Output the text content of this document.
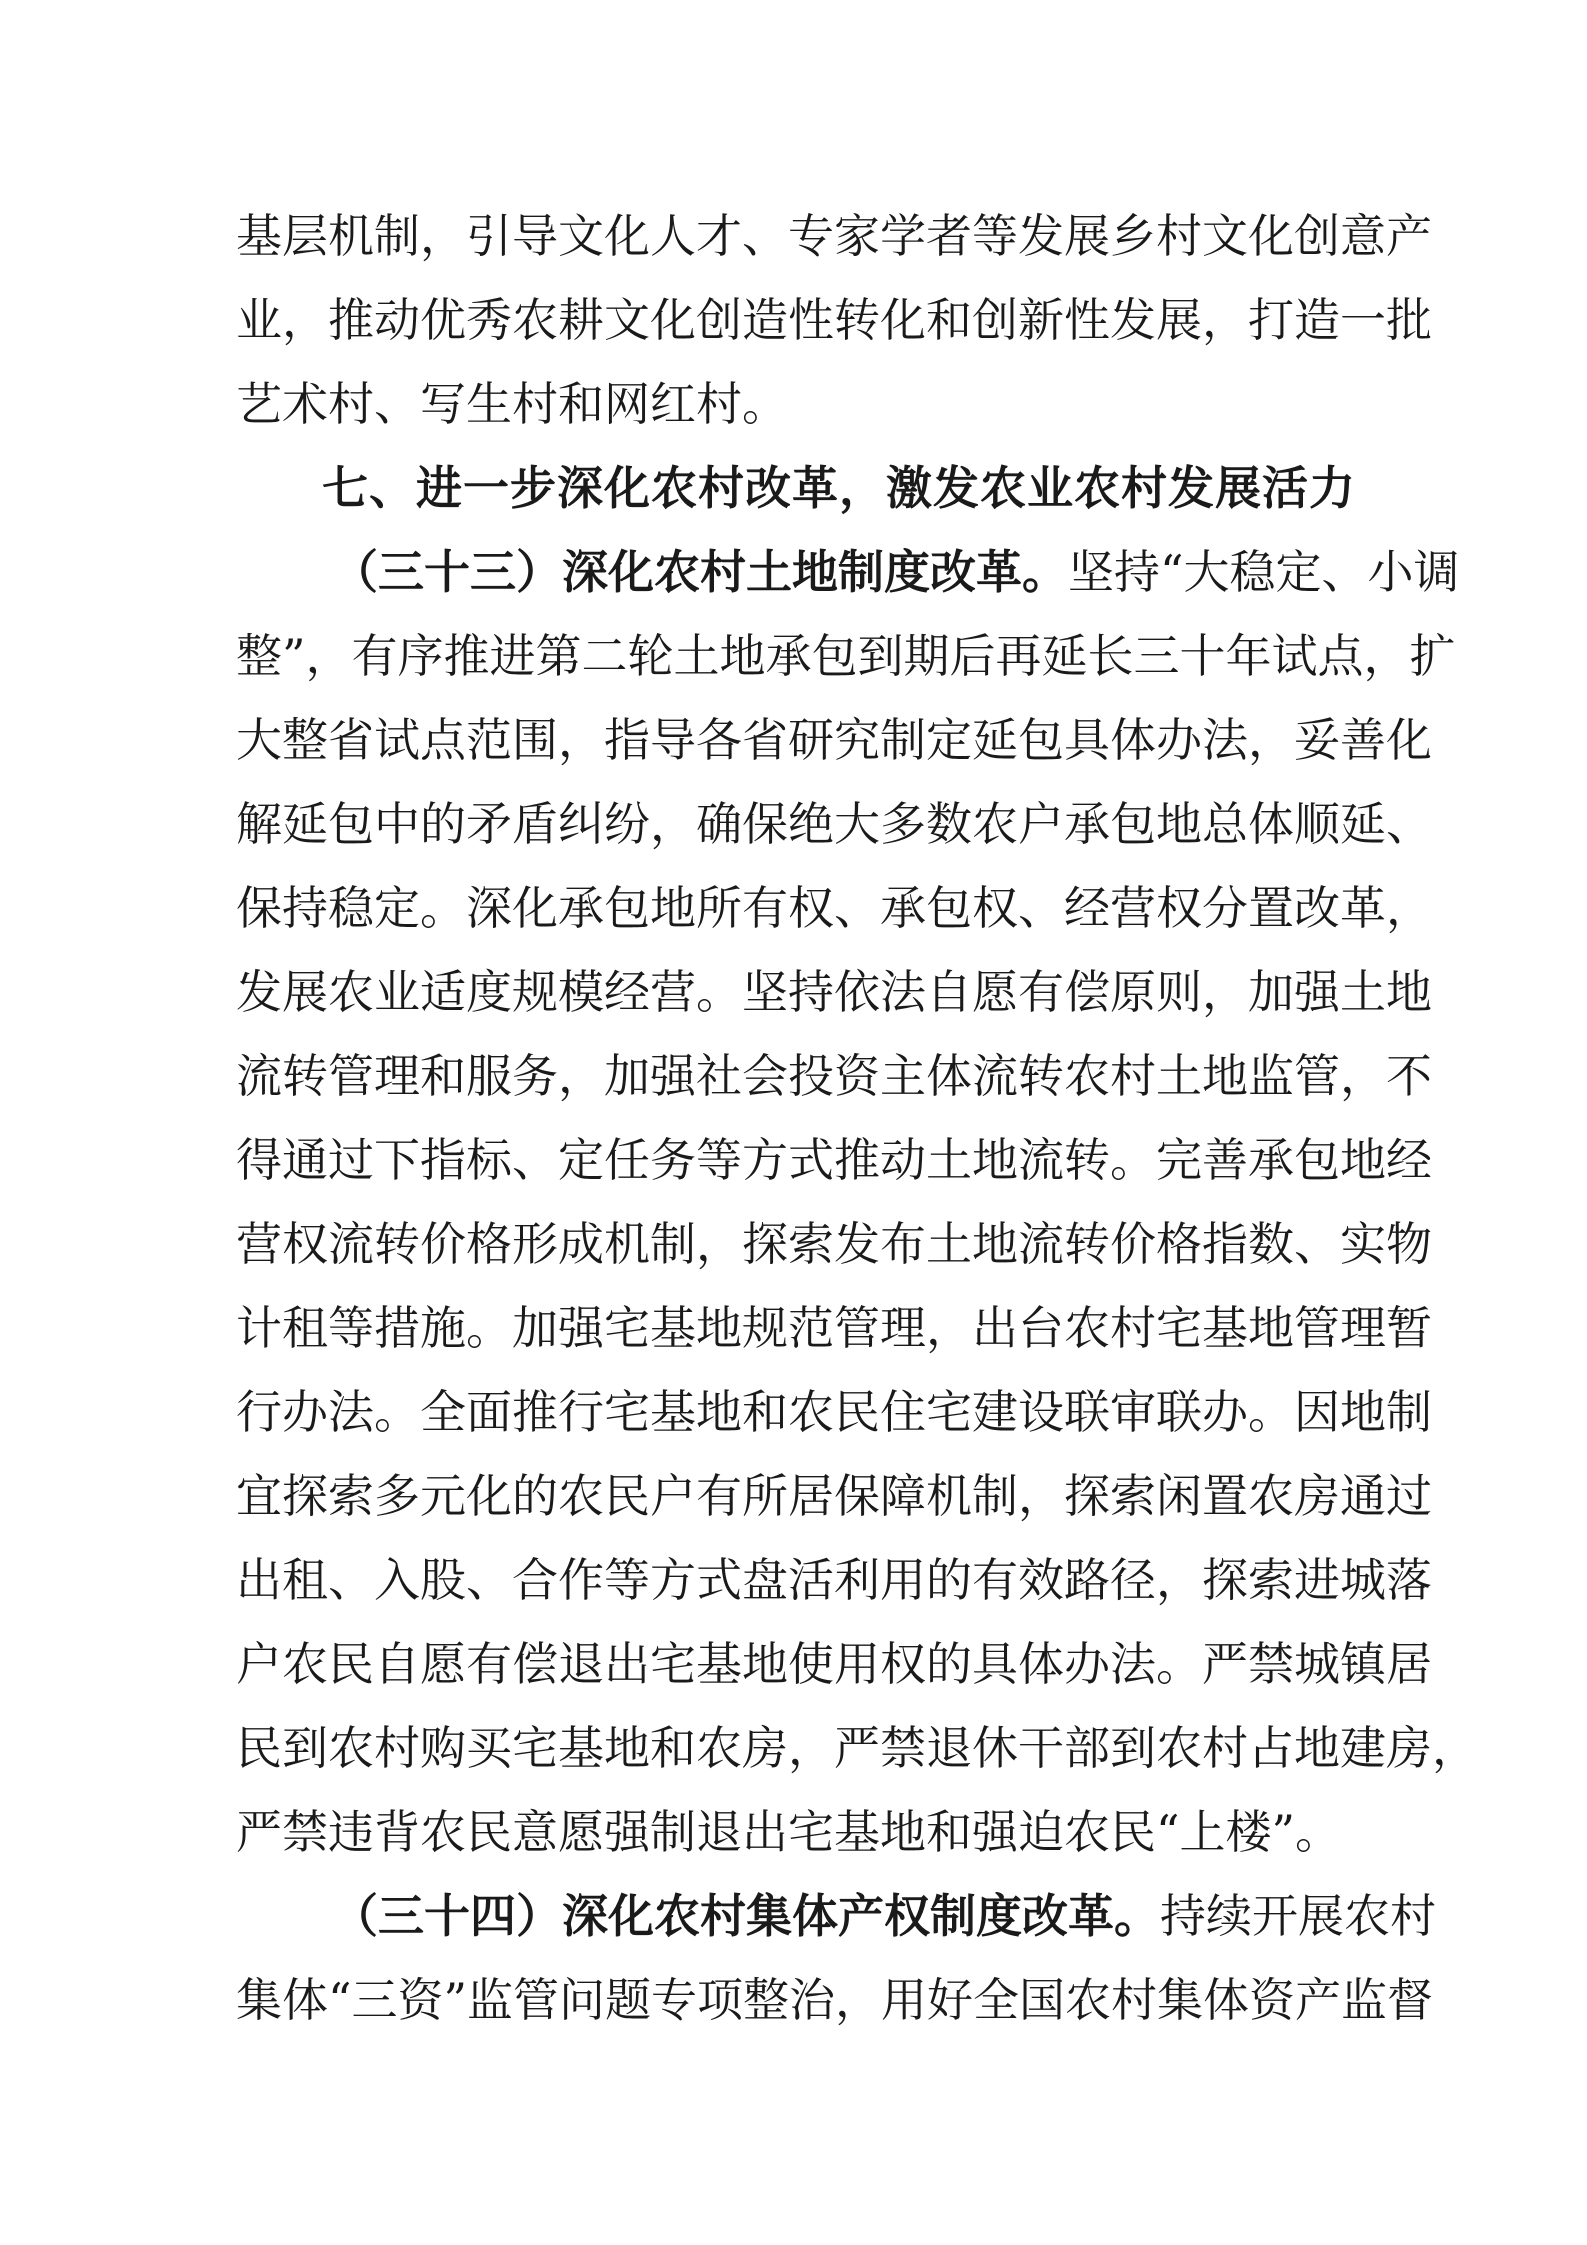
基层机制，引导文化人才、专家学者等发展乡村文化创意产
业，推动优秀农耕文化创造性转化和创新性发展，打造一批
艺术村、写生村和网红村。
七、进一步深化农村改革，激发农业农村发展活力
（三十三）深化农村土地制度改革。坚持“大稳定、小调
整”，有序推进第二轮土地承包到期后再延长三十年试点，扩
大整省试点范围，指导各省研究制定延包具体办法，妥善化
解延包中的矛盾纠纷，确保绝大多数农户承包地总体顺延、
保持稳定。深化承包地所有权、承包权、经营权分置改革，
发展农业适度规模经营。坚持依法自愿有偿原则，加强土地
流转管理和服务，加强社会投资主体流转农村土地监管，不
得通过下指标、定任务等方式推动土地流转。完善承包地经
营权流转价格形成机制，探索发布土地流转价格指数、实物
计租等措施。加强宅基地规范管理，出台农村宅基地管理暂
行办法。全面推行宅基地和农民住宅建设联审联办。因地制
宜探索多元化的农民户有所居保障机制，探索闲置农房通过
出租、入股、合作等方式盘活利用的有效路径，探索进城落
户农民自愿有偿退出宅基地使用权的具体办法。严禁城镇居
民到农村购买宅基地和农房，严禁退休干部到农村占地建房，
严禁违背农民意愿强制退出宅基地和强迫农民“上楼”。
（三十四）深化农村集体产权制度改革。持续开展农村
集体“三资”监管问题专项整治，用好全国农村集体资产监督
